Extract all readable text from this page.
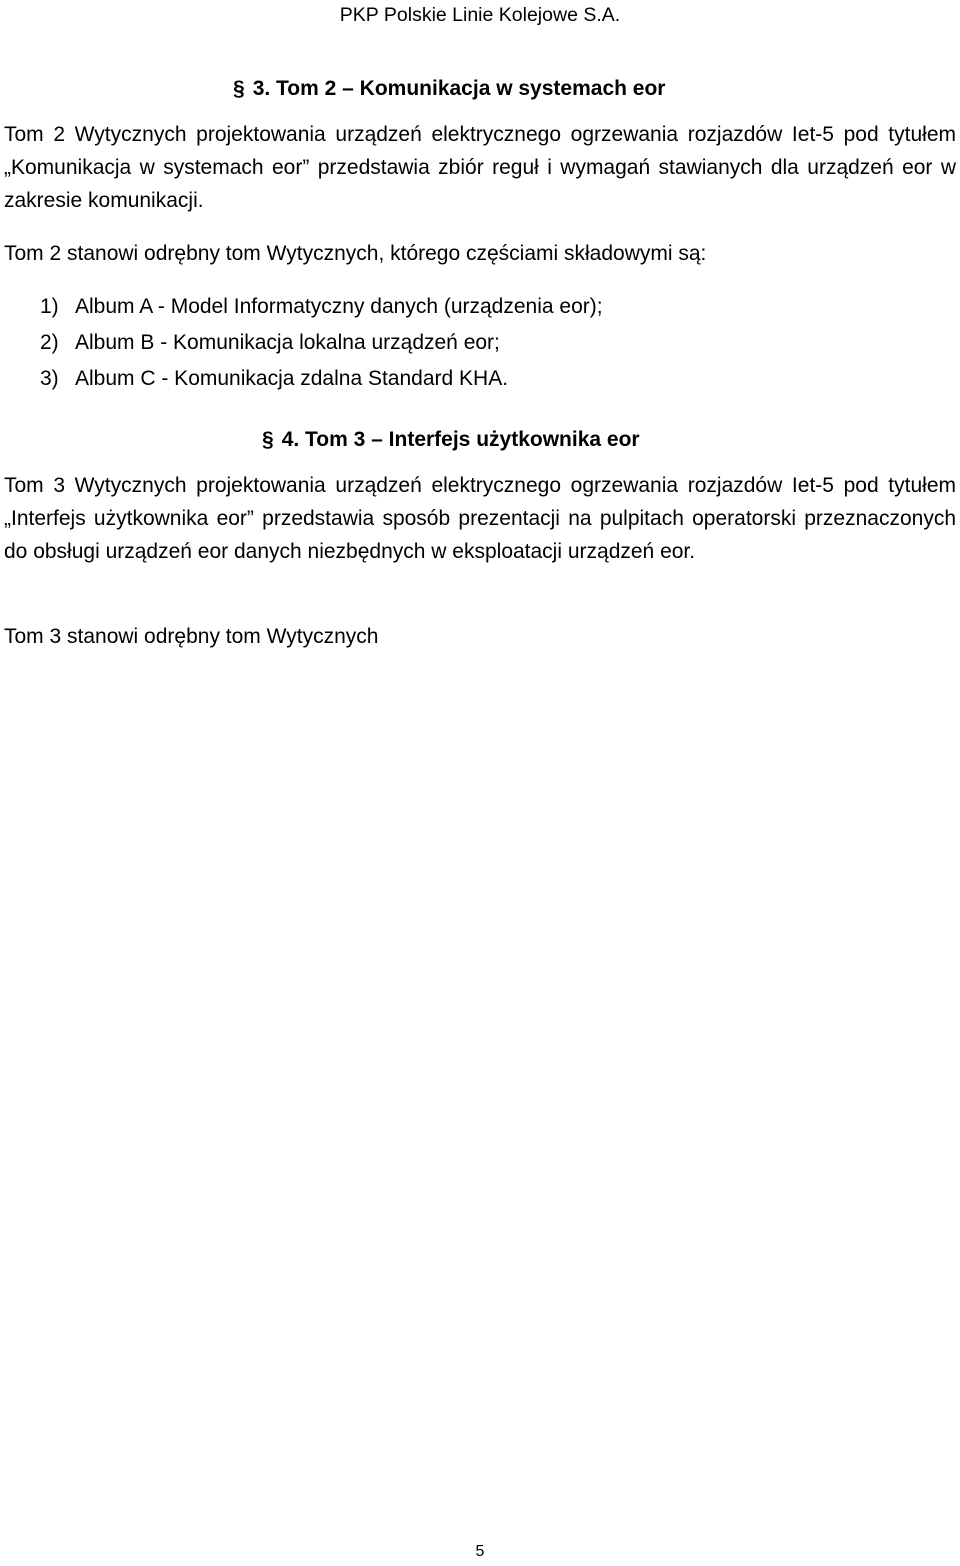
PKP Polskie Linie Kolejowe S.A.
§ 3. Tom 2 – Komunikacja w systemach eor

Tom 2 Wytycznych projektowania urządzeń elektrycznego ogrzewania rozjazdów Iet-5 pod tytułem „Komunikacja w systemach eor” przedstawia zbiór reguł i wymagań stawianych dla urządzeń eor w zakresie komunikacji.

Tom 2 stanowi odrębny tom Wytycznych, którego częściami składowymi są:

1) Album A - Model Informatyczny danych (urządzenia eor);
2) Album B - Komunikacja lokalna urządzeń eor;
3) Album C - Komunikacja zdalna Standard KHA.
§ 4. Tom 3 – Interfejs użytkownika eor

Tom 3 Wytycznych projektowania urządzeń elektrycznego ogrzewania rozjazdów Iet-5 pod tytułem „Interfejs użytkownika eor” przedstawia sposób prezentacji na pulpitach operatorski przeznaczonych do obsługi urządzeń eor danych niezbędnych w eksploatacji urządzeń eor.

Tom 3 stanowi odrębny tom Wytycznych

5
